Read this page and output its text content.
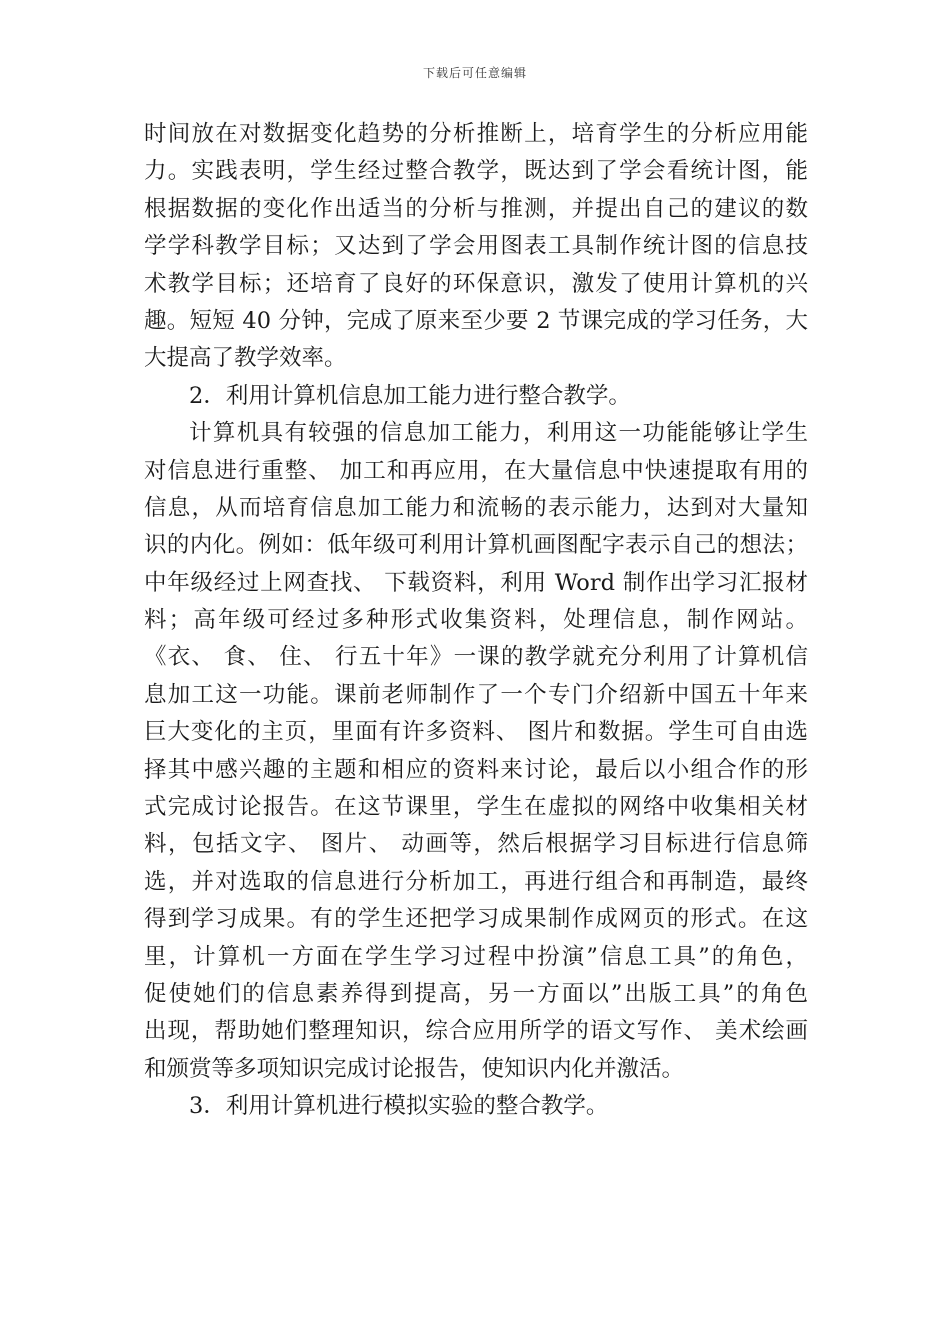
下载后可任意编辑
时间放在对数据变化趋势的分析推断上，培育学生的分析应用能
力。实践表明，学生经过整合教学，既达到了学会看统计图，能
根据数据的变化作出适当的分析与推测，并提出自己的建议的数
学学科教学目标；又达到了学会用图表工具制作统计图的信息技
术教学目标；还培育了良好的环保意识，激发了使用计算机的兴
趣。短短 40 分钟，完成了原来至少要 2 节课完成的学习任务，大
大提高了教学效率。
2．利用计算机信息加工能力进行整合教学。
计算机具有较强的信息加工能力，利用这一功能能够让学生
对信息进行重整、 加工和再应用，在大量信息中快速提取有用的
信息，从而培育信息加工能力和流畅的表示能力，达到对大量知
识的内化。例如：低年级可利用计算机画图配字表示自己的想法；
中年级经过上网查找、 下载资料，利用 Word 制作出学习汇报材
料；高年级可经过多种形式收集资料，处理信息，制作网站。
《衣、 食、 住、 行五十年》一课的教学就充分利用了计算机信
息加工这一功能。课前老师制作了一个专门介绍新中国五十年来
巨大变化的主页，里面有许多资料、 图片和数据。学生可自由选
择其中感兴趣的主题和相应的资料来讨论，最后以小组合作的形
式完成讨论报告。在这节课里，学生在虚拟的网络中收集相关材
料，包括文字、 图片、 动画等，然后根据学习目标进行信息筛
选，并对选取的信息进行分析加工，再进行组合和再制造，最终
得到学习成果。有的学生还把学习成果制作成网页的形式。在这
里，计算机一方面在学生学习过程中扮演”信息工具”的角色，
促使她们的信息素养得到提高，另一方面以”出版工具”的角色
出现，帮助她们整理知识，综合应用所学的语文写作、 美术绘画
和颁赏等多项知识完成讨论报告，使知识内化并激活。
3．利用计算机进行模拟实验的整合教学。
